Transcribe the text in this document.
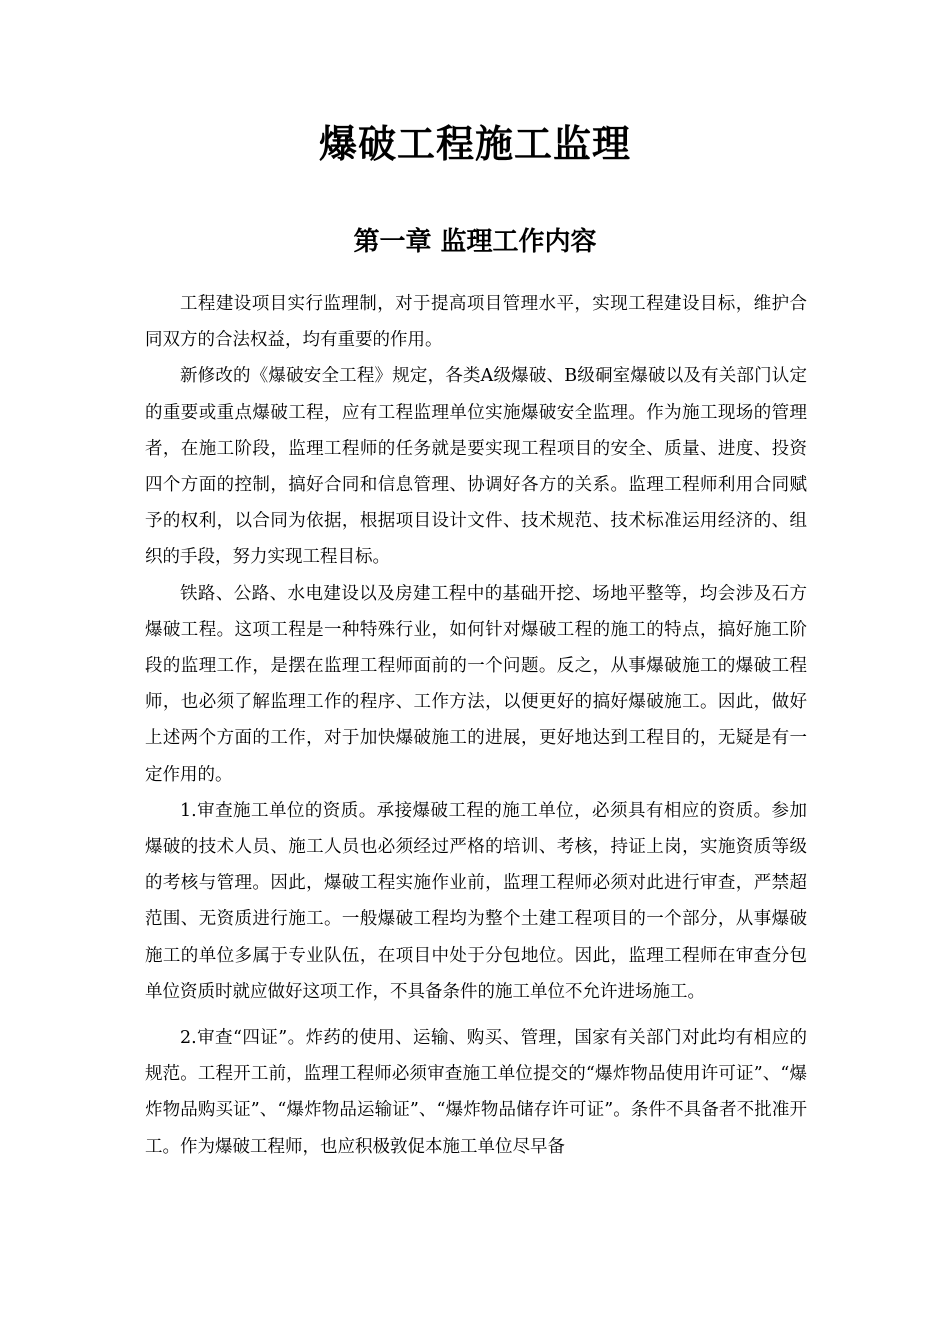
爆破工程施工监理
第一章 监理工作内容

工程建设项目实行监理制，对于提高项目管理水平，实现工程建设目标，维护合同双方的合法权益，均有重要的作用。

新修改的《爆破安全工程》规定，各类A级爆破、B级硐室爆破以及有关部门认定的重要或重点爆破工程，应有工程监理单位实施爆破安全监理。作为施工现场的管理者，在施工阶段，监理工程师的任务就是要实现工程项目的安全、质量、进度、投资四个方面的控制，搞好合同和信息管理、协调好各方的关系。监理工程师利用合同赋予的权利，以合同为依据，根据项目设计文件、技术规范、技术标准运用经济的、组织的手段，努力实现工程目标。

铁路、公路、水电建设以及房建工程中的基础开挖、场地平整等，均会涉及石方爆破工程。这项工程是一种特殊行业，如何针对爆破工程的施工的特点，搞好施工阶段的监理工作，是摆在监理工程师面前的一个问题。反之，从事爆破施工的爆破工程师，也必须了解监理工作的程序、工作方法，以便更好的搞好爆破施工。因此，做好上述两个方面的工作，对于加快爆破施工的进展，更好地达到工程目的，无疑是有一定作用的。

1.审查施工单位的资质。承接爆破工程的施工单位，必须具有相应的资质。参加爆破的技术人员、施工人员也必须经过严格的培训、考核，持证上岗，实施资质等级的考核与管理。因此，爆破工程实施作业前，监理工程师必须对此进行审查，严禁超范围、无资质进行施工。一般爆破工程均为整个土建工程项目的一个部分，从事爆破施工的单位多属于专业队伍，在项目中处于分包地位。因此，监理工程师在审查分包单位资质时就应做好这项工作，不具备条件的施工单位不允许进场施工。

2.审查“四证”。炸药的使用、运输、购买、管理，国家有关部门对此均有相应的规范。工程开工前，监理工程师必须审查施工单位提交的“爆炸物品使用许可证”、“爆炸物品购买证”、“爆炸物品运输证”、“爆炸物品储存许可证”。条件不具备者不批准开工。作为爆破工程师，也应积极敦促本施工单位尽早备
